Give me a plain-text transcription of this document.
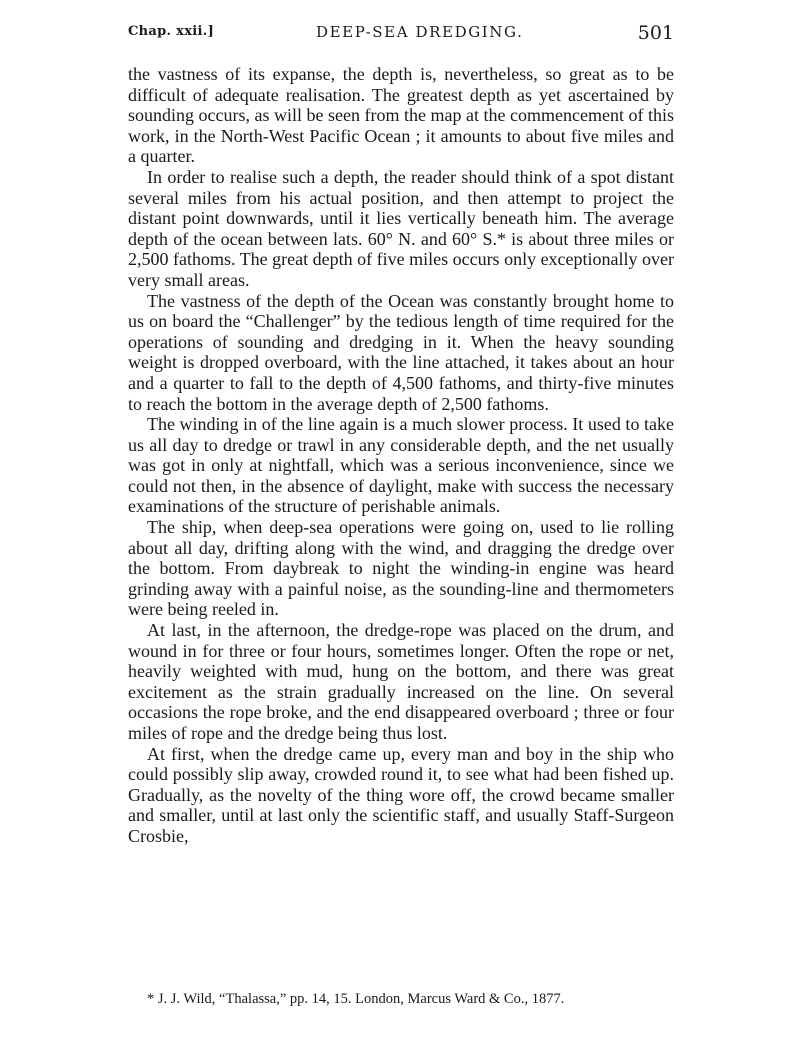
Chap. xxii.]	DEEP-SEA DREDGING.	501

the vastness of its expanse, the depth is, nevertheless, so great as to be difficult of adequate realisation. The greatest depth as yet ascertained by sounding occurs, as will be seen from the map at the commencement of this work, in the North-West Pacific Ocean ; it amounts to about five miles and a quarter.

In order to realise such a depth, the reader should think of a spot distant several miles from his actual position, and then attempt to project the distant point downwards, until it lies vertically beneath him. The average depth of the ocean between lats. 60° N. and 60° S.* is about three miles or 2,500 fathoms. The great depth of five miles occurs only exceptionally over very small areas.

The vastness of the depth of the Ocean was constantly brought home to us on board the “Challenger” by the tedious length of time required for the operations of sounding and dredging in it. When the heavy sounding weight is dropped overboard, with the line attached, it takes about an hour and a quarter to fall to the depth of 4,500 fathoms, and thirty-five minutes to reach the bottom in the average depth of 2,500 fathoms.

The winding in of the line again is a much slower process. It used to take us all day to dredge or trawl in any considerable depth, and the net usually was got in only at nightfall, which was a serious inconvenience, since we could not then, in the absence of daylight, make with success the necessary examinations of the structure of perishable animals.

The ship, when deep-sea operations were going on, used to lie rolling about all day, drifting along with the wind, and dragging the dredge over the bottom. From daybreak to night the winding-in engine was heard grinding away with a painful noise, as the sounding-line and thermometers were being reeled in.

At last, in the afternoon, the dredge-rope was placed on the drum, and wound in for three or four hours, sometimes longer. Often the rope or net, heavily weighted with mud, hung on the bottom, and there was great excitement as the strain gradually increased on the line. On several occasions the rope broke, and the end disappeared overboard ; three or four miles of rope and the dredge being thus lost.

At first, when the dredge came up, every man and boy in the ship who could possibly slip away, crowded round it, to see what had been fished up. Gradually, as the novelty of the thing wore off, the crowd became smaller and smaller, until at last only the scientific staff, and usually Staff-Surgeon Crosbie,

* J. J. Wild, “Thalassa,” pp. 14, 15. London, Marcus Ward & Co., 1877.
